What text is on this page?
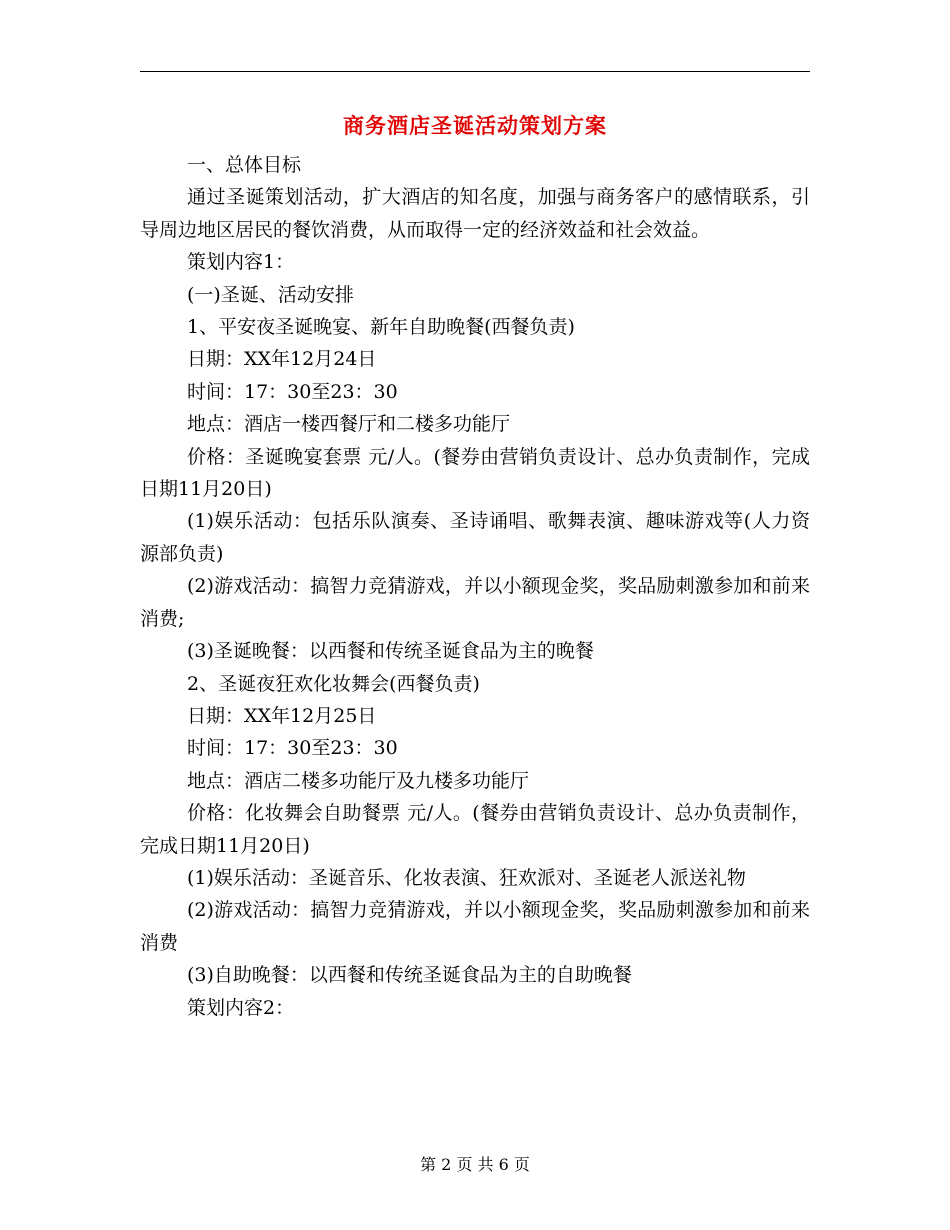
商务酒店圣诞活动策划方案

一、总体目标

通过圣诞策划活动，扩大酒店的知名度，加强与商务客户的感情联系，引导周边地区居民的餐饮消费，从而取得一定的经济效益和社会效益。

策划内容1：

(一)圣诞、活动安排

1、平安夜圣诞晚宴、新年自助晚餐(西餐负责)

日期：XX年12月24日

时间：17：30至23：30

地点：酒店一楼西餐厅和二楼多功能厅

价格：圣诞晚宴套票 元/人。(餐券由营销负责设计、总办负责制作，完成日期11月20日)

(1)娱乐活动：包括乐队演奏、圣诗诵唱、歌舞表演、趣味游戏等(人力资源部负责)

(2)游戏活动：搞智力竞猜游戏，并以小额现金奖，奖品励刺激参加和前来消费;

(3)圣诞晚餐：以西餐和传统圣诞食品为主的晚餐

2、圣诞夜狂欢化妆舞会(西餐负责)

日期：XX年12月25日

时间：17：30至23：30

地点：酒店二楼多功能厅及九楼多功能厅

价格：化妆舞会自助餐票 元/人。(餐券由营销负责设计、总办负责制作，完成日期11月20日)

(1)娱乐活动：圣诞音乐、化妆表演、狂欢派对、圣诞老人派送礼物

(2)游戏活动：搞智力竞猜游戏，并以小额现金奖，奖品励刺激参加和前来消费

(3)自助晚餐：以西餐和传统圣诞食品为主的自助晚餐

策划内容2：

第 2 页 共 6 页
